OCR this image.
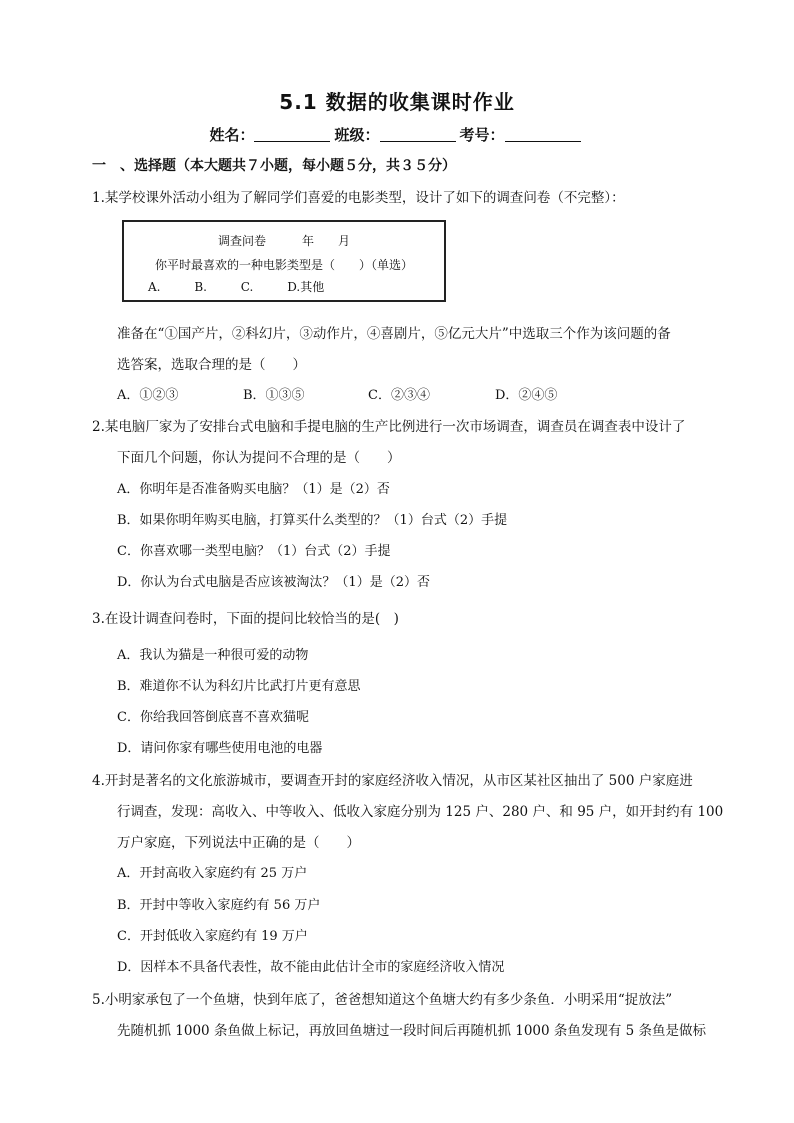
5.1 数据的收集课时作业
姓名：	班级：	考号：
一　、选择题（本大题共７小题，每小题５分，共３５分）
1.某学校课外活动小组为了解同学们喜爱的电影类型，设计了如下的调查问卷（不完整）：
调查问卷　　　年　　月
你平时最喜欢的一种电影类型是（　　）（单选）
A.	B.	C.	D.其他
准备在“①国产片，②科幻片，③动作片，④喜剧片，⑤亿元大片”中选取三个作为该问题的备
选答案，选取合理的是（　　）
A．①②③	B．①③⑤	C．②③④	D．②④⑤
2.某电脑厂家为了安排台式电脑和手提电脑的生产比例进行一次市场调查，调查员在调查表中设计了
下面几个问题，你认为提问不合理的是（　　）
A．你明年是否准备购买电脑？（1）是（2）否
B．如果你明年购买电脑，打算买什么类型的？（1）台式（2）手提
C．你喜欢哪一类型电脑？（1）台式（2）手提
D．你认为台式电脑是否应该被淘汰？（1）是（2）否
3.在设计调查问卷时，下面的提问比较恰当的是(　)
A．我认为猫是一种很可爱的动物
B．难道你不认为科幻片比武打片更有意思
C．你给我回答倒底喜不喜欢猫呢
D．请问你家有哪些使用电池的电器
4.开封是著名的文化旅游城市，要调查开封的家庭经济收入情况，从市区某社区抽出了 500 户家庭进
行调查，发现：高收入、中等收入、低收入家庭分别为 125 户、280 户、和 95 户，如开封约有 100
万户家庭，下列说法中正确的是（　　）
A．开封高收入家庭约有 25 万户
B．开封中等收入家庭约有 56 万户
C．开封低收入家庭约有 19 万户
D．因样本不具备代表性，故不能由此估计全市的家庭经济收入情况
5.小明家承包了一个鱼塘，快到年底了，爸爸想知道这个鱼塘大约有多少条鱼．小明采用“捉放法”
先随机抓 1000 条鱼做上标记，再放回鱼塘过一段时间后再随机抓 1000 条鱼发现有 5 条鱼是做标
